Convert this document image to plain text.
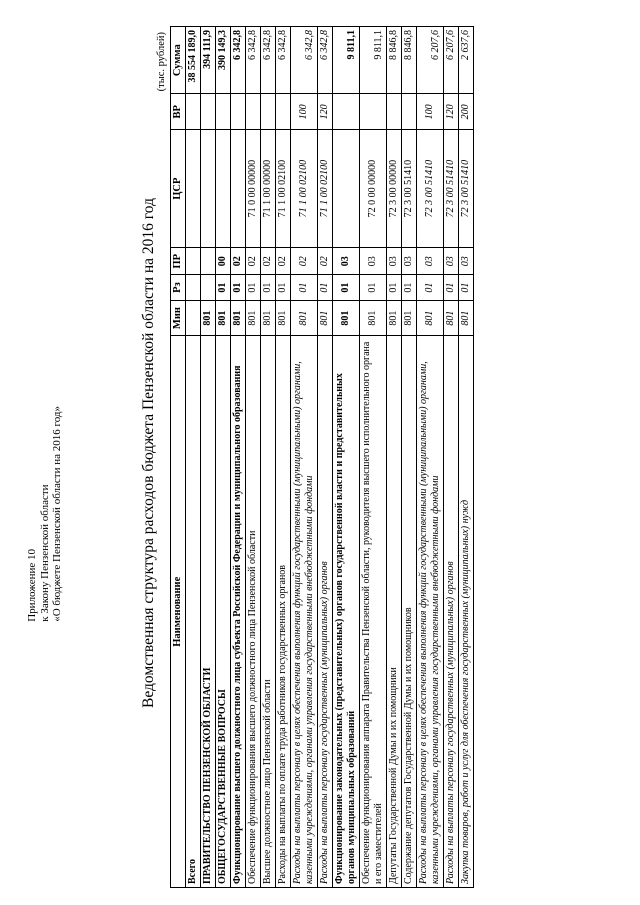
Приложение 10 к Закону Пензенской области «О бюджете Пензенской области на 2016 год»	Ведомственная структура расходов бюджета Пензенской области на 2016 год
(тыс. рублей)
Наименование	Мин	Рз	ПР	ЦСР	ВР	Сумма
Всего						38 554 189,0
ПРАВИТЕЛЬСТВО ПЕНЗЕНСКОЙ ОБЛАСТИ	801					394 111,9
ОБЩЕГОСУДАРСТВЕННЫЕ ВОПРОСЫ	801	01	00			390 149,3
Функционирование высшего должностного лица субъекта Российской Федерации и муниципального образования	801	01	02			6 342,8
Обеспечение функционирования высшего должностного лица Пензенской области	801	01	02	71 0 00 00000		6 342,8
Высшее должностное лицо Пензенской области	801	01	02	71 1 00 00000		6 342,8
Расходы на выплаты по оплате труда работников государственных органов	801	01	02	71 1 00 02100		6 342,8
Расходы на выплаты персоналу в целях обеспечения выполнения функций государственными (муниципальными) органами, казенными учреждениями, органами управления государственными внебюджетными фондами	801	01	02	71 1 00 02100	100	6 342,8
Расходы на выплаты персоналу государственных (муниципальных) органов	801	01	02	71 1 00 02100	120	6 342,8
Функционирование законодательных (представительных) органов государственной власти и представительных органов муниципальных образований	801	01	03			9 811,1
Обеспечение функционирования аппарата Правительства Пензенской области, руководителя высшего исполнительного органа и его заместителей	801	01	03	72 0 00 00000		9 811,1
Депутаты Государственной Думы и их помощники	801	01	03	72 3 00 00000		8 846,8
Содержание депутатов Государственной Думы и их помощников	801	01	03	72 3 00 51410		8 846,8
Расходы на выплаты персоналу в целях обеспечения выполнения функций государственными (муниципальными) органами, казенными учреждениями, органами управления государственными внебюджетными фондами	801	01	03	72 3 00 51410	100	6 207,6
Расходы на выплаты персоналу государственных (муниципальных) органов	801	01	03	72 3 00 51410	120	6 207,6
Закупка товаров, работ и услуг для обеспечения государственных (муниципальных) нужд	801	01	03	72 3 00 51410	200	2 637,6
